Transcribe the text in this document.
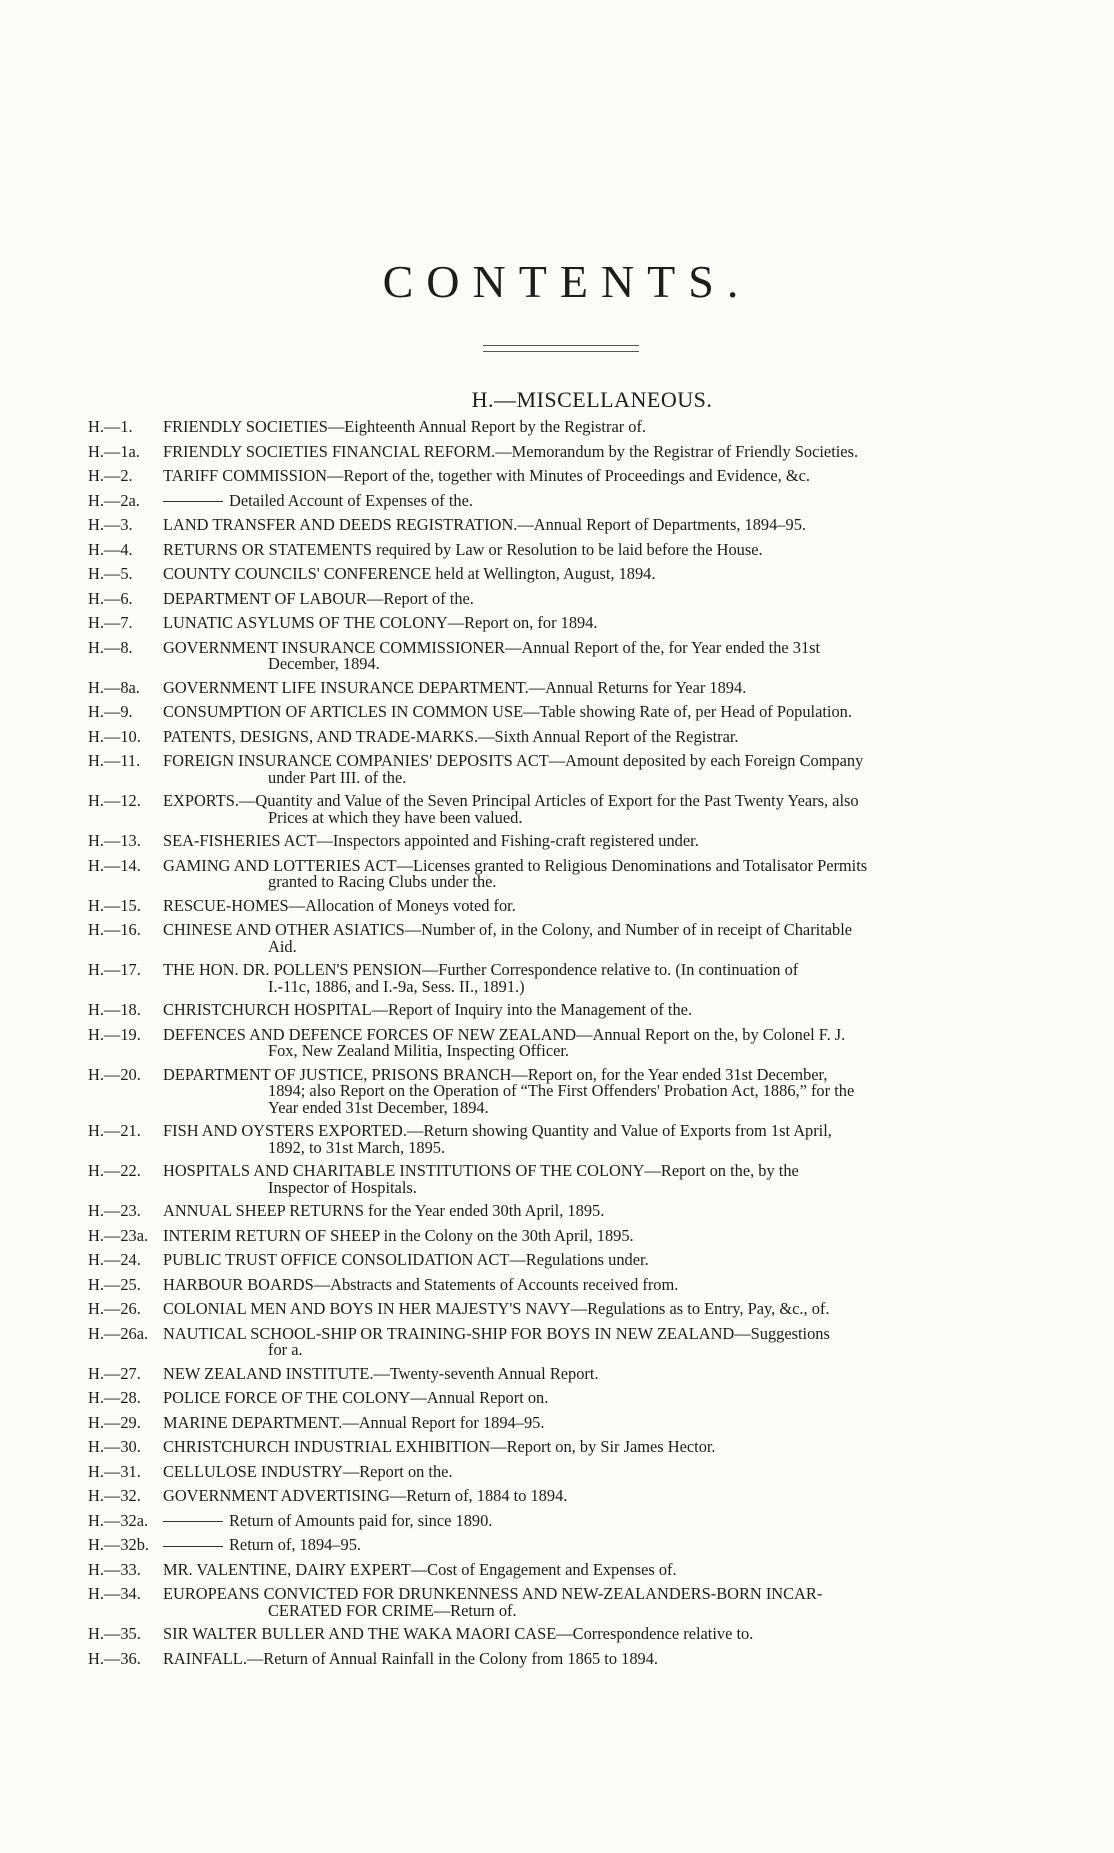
CONTENTS.
H.—MISCELLANEOUS.
H.—1.	FRIENDLY SOCIETIES—Eighteenth Annual Report by the Registrar of.
H.—1a.	FRIENDLY SOCIETIES FINANCIAL REFORM.—Memorandum by the Registrar of Friendly Societies.
H.—2.	TARIFF COMMISSION—Report of the, together with Minutes of Proceedings and Evidence, &c.
H.—2a.	Detailed Account of Expenses of the.
H.—3.	LAND TRANSFER AND DEEDS REGISTRATION.—Annual Report of Departments, 1894–95.
H.—4.	RETURNS OR STATEMENTS required by Law or Resolution to be laid before the House.
H.—5.	COUNTY COUNCILS' CONFERENCE held at Wellington, August, 1894.
H.—6.	DEPARTMENT OF LABOUR—Report of the.
H.—7.	LUNATIC ASYLUMS OF THE COLONY—Report on, for 1894.
H.—8.	GOVERNMENT INSURANCE COMMISSIONER—Annual Report of the, for Year ended the 31st
December, 1894.
H.—8a.	GOVERNMENT LIFE INSURANCE DEPARTMENT.—Annual Returns for Year 1894.
H.—9.	CONSUMPTION OF ARTICLES IN COMMON USE—Table showing Rate of, per Head of Population.
H.—10.	PATENTS, DESIGNS, AND TRADE-MARKS.—Sixth Annual Report of the Registrar.
H.—11.	FOREIGN INSURANCE COMPANIES' DEPOSITS ACT—Amount deposited by each Foreign Company
under Part III. of the.
H.—12.	EXPORTS.—Quantity and Value of the Seven Principal Articles of Export for the Past Twenty Years, also
Prices at which they have been valued.
H.—13.	SEA-FISHERIES ACT—Inspectors appointed and Fishing-craft registered under.
H.—14.	GAMING AND LOTTERIES ACT—Licenses granted to Religious Denominations and Totalisator Permits
granted to Racing Clubs under the.
H.—15.	RESCUE-HOMES—Allocation of Moneys voted for.
H.—16.	CHINESE AND OTHER ASIATICS—Number of, in the Colony, and Number of in receipt of Charitable
Aid.
H.—17.	THE HON. DR. POLLEN'S PENSION—Further Correspondence relative to. (In continuation of
I.-11c, 1886, and I.-9a, Sess. II., 1891.)
H.—18.	CHRISTCHURCH HOSPITAL—Report of Inquiry into the Management of the.
H.—19.	DEFENCES AND DEFENCE FORCES OF NEW ZEALAND—Annual Report on the, by Colonel F. J.
Fox, New Zealand Militia, Inspecting Officer.
H.—20.	DEPARTMENT OF JUSTICE, PRISONS BRANCH—Report on, for the Year ended 31st December,
1894; also Report on the Operation of “The First Offenders' Probation Act, 1886,” for the
Year ended 31st December, 1894.
H.—21.	FISH AND OYSTERS EXPORTED.—Return showing Quantity and Value of Exports from 1st April,
1892, to 31st March, 1895.
H.—22.	HOSPITALS AND CHARITABLE INSTITUTIONS OF THE COLONY—Report on the, by the
Inspector of Hospitals.
H.—23.	ANNUAL SHEEP RETURNS for the Year ended 30th April, 1895.
H.—23a. INTERIM RETURN OF SHEEP in the Colony on the 30th April, 1895.
H.—24.	PUBLIC TRUST OFFICE CONSOLIDATION ACT—Regulations under.
H.—25.	HARBOUR BOARDS—Abstracts and Statements of Accounts received from.
H.—26.	COLONIAL MEN AND BOYS IN HER MAJESTY'S NAVY—Regulations as to Entry, Pay, &c., of.
H.—26a. NAUTICAL SCHOOL-SHIP OR TRAINING-SHIP FOR BOYS IN NEW ZEALAND—Suggestions
for a.
H.—27.	NEW ZEALAND INSTITUTE.—Twenty-seventh Annual Report.
H.—28.	POLICE FORCE OF THE COLONY—Annual Report on.
H.—29.	MARINE DEPARTMENT.—Annual Report for 1894–95.
H.—30.	CHRISTCHURCH INDUSTRIAL EXHIBITION—Report on, by Sir James Hector.
H.—31.	CELLULOSE INDUSTRY—Report on the.
H.—32.	GOVERNMENT ADVERTISING—Return of, 1884 to 1894.
H.—32a.	Return of Amounts paid for, since 1890.
H.—32b.	Return of, 1894–95.
H.—33.	MR. VALENTINE, DAIRY EXPERT—Cost of Engagement and Expenses of.
H.—34.	EUROPEANS CONVICTED FOR DRUNKENNESS AND NEW-ZEALANDERS-BORN INCAR-
CERATED FOR CRIME—Return of.
H.—35.	SIR WALTER BULLER AND THE WAKA MAORI CASE—Correspondence relative to.
H.—36.	RAINFALL.—Return of Annual Rainfall in the Colony from 1865 to 1894.
